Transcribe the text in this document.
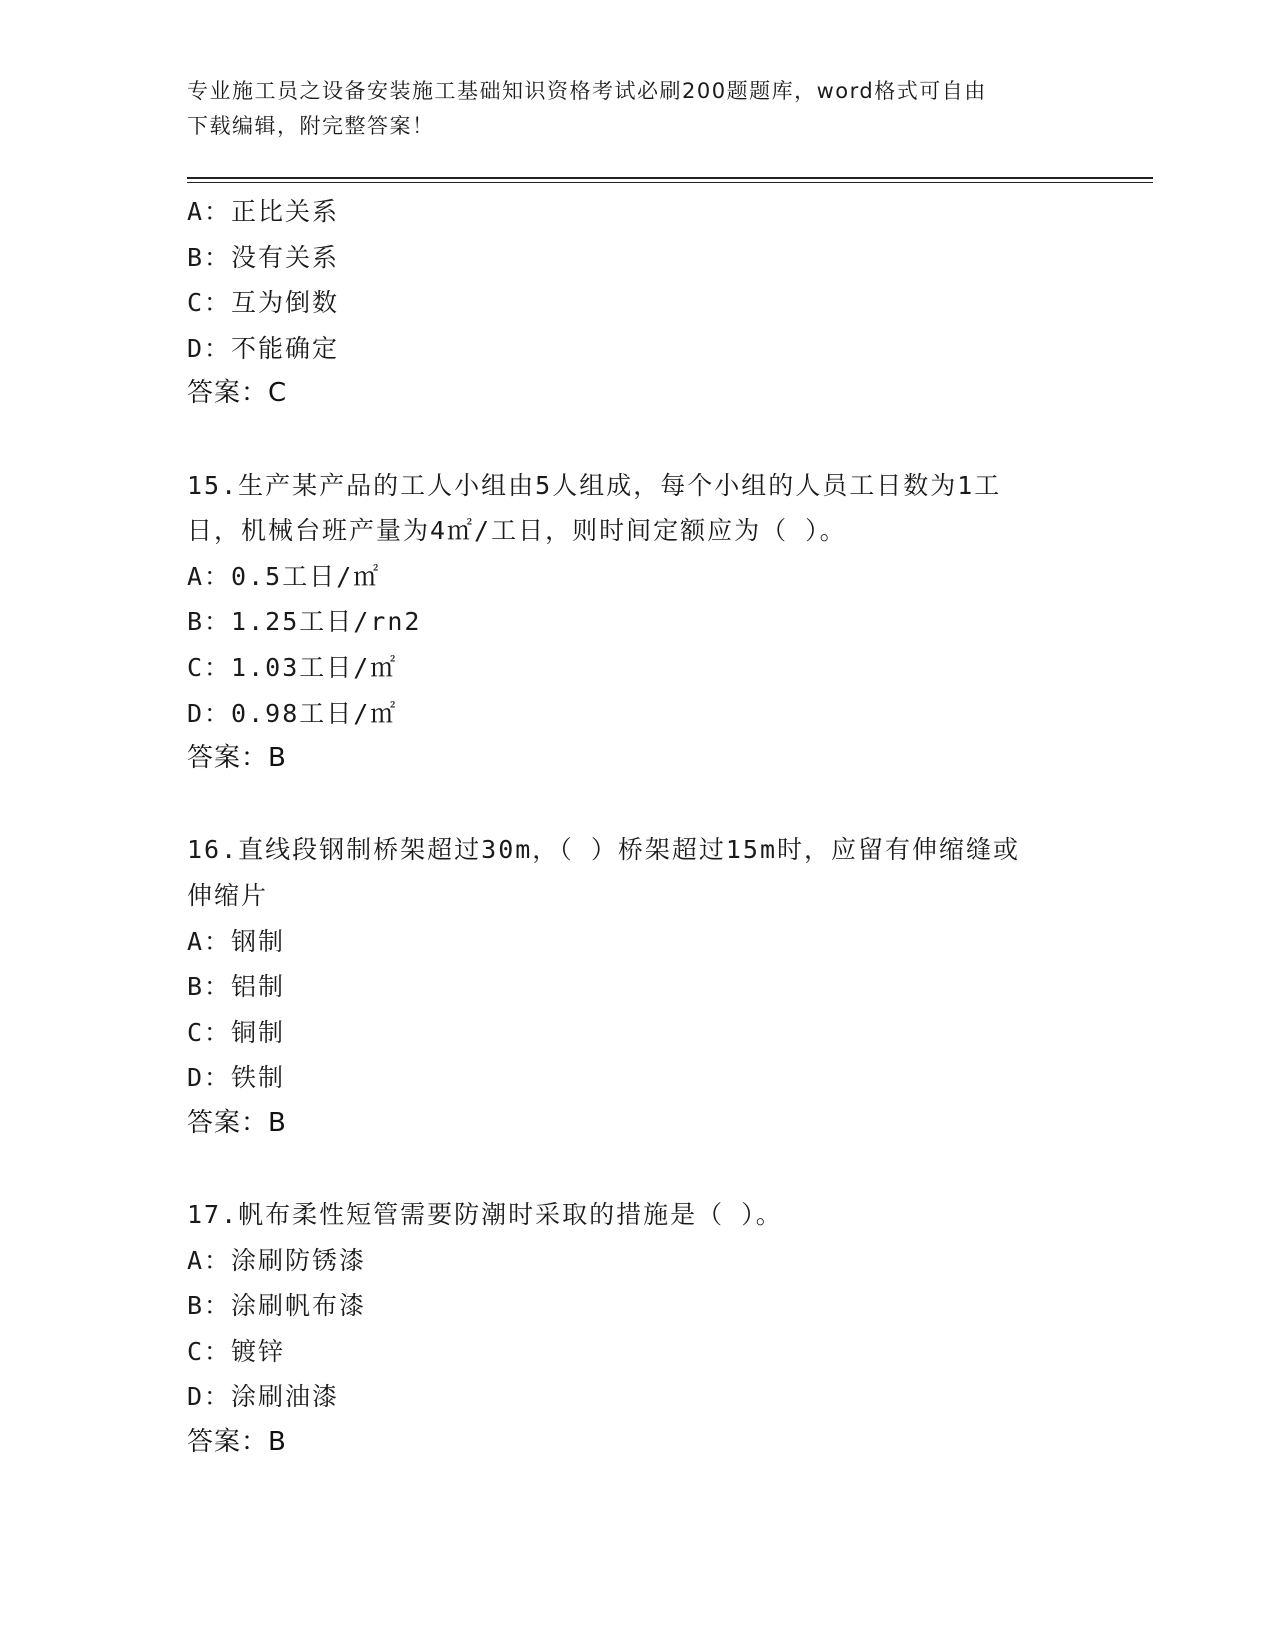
专业施工员之设备安装施工基础知识资格考试必刷200题题库，word格式可自由
下载编辑，附完整答案！
A：正比关系
B：没有关系
C：互为倒数
D：不能确定
答案：C
15.生产某产品的工人小组由5人组成，每个小组的人员工日数为1工
日，机械台班产量为4㎡/工日，则时间定额应为（ ）。
A：0.5工日/㎡
B：1.25工日/rn2
C：1.03工日/㎡
D：0.98工日/㎡
答案：B
16.直线段钢制桥架超过30m，（ ）桥架超过15m时，应留有伸缩缝或
伸缩片
A：钢制
B：铝制
C：铜制
D：铁制
答案：B
17.帆布柔性短管需要防潮时采取的措施是（ ）。
A：涂刷防锈漆
B：涂刷帆布漆
C：镀锌
D：涂刷油漆
答案：B
